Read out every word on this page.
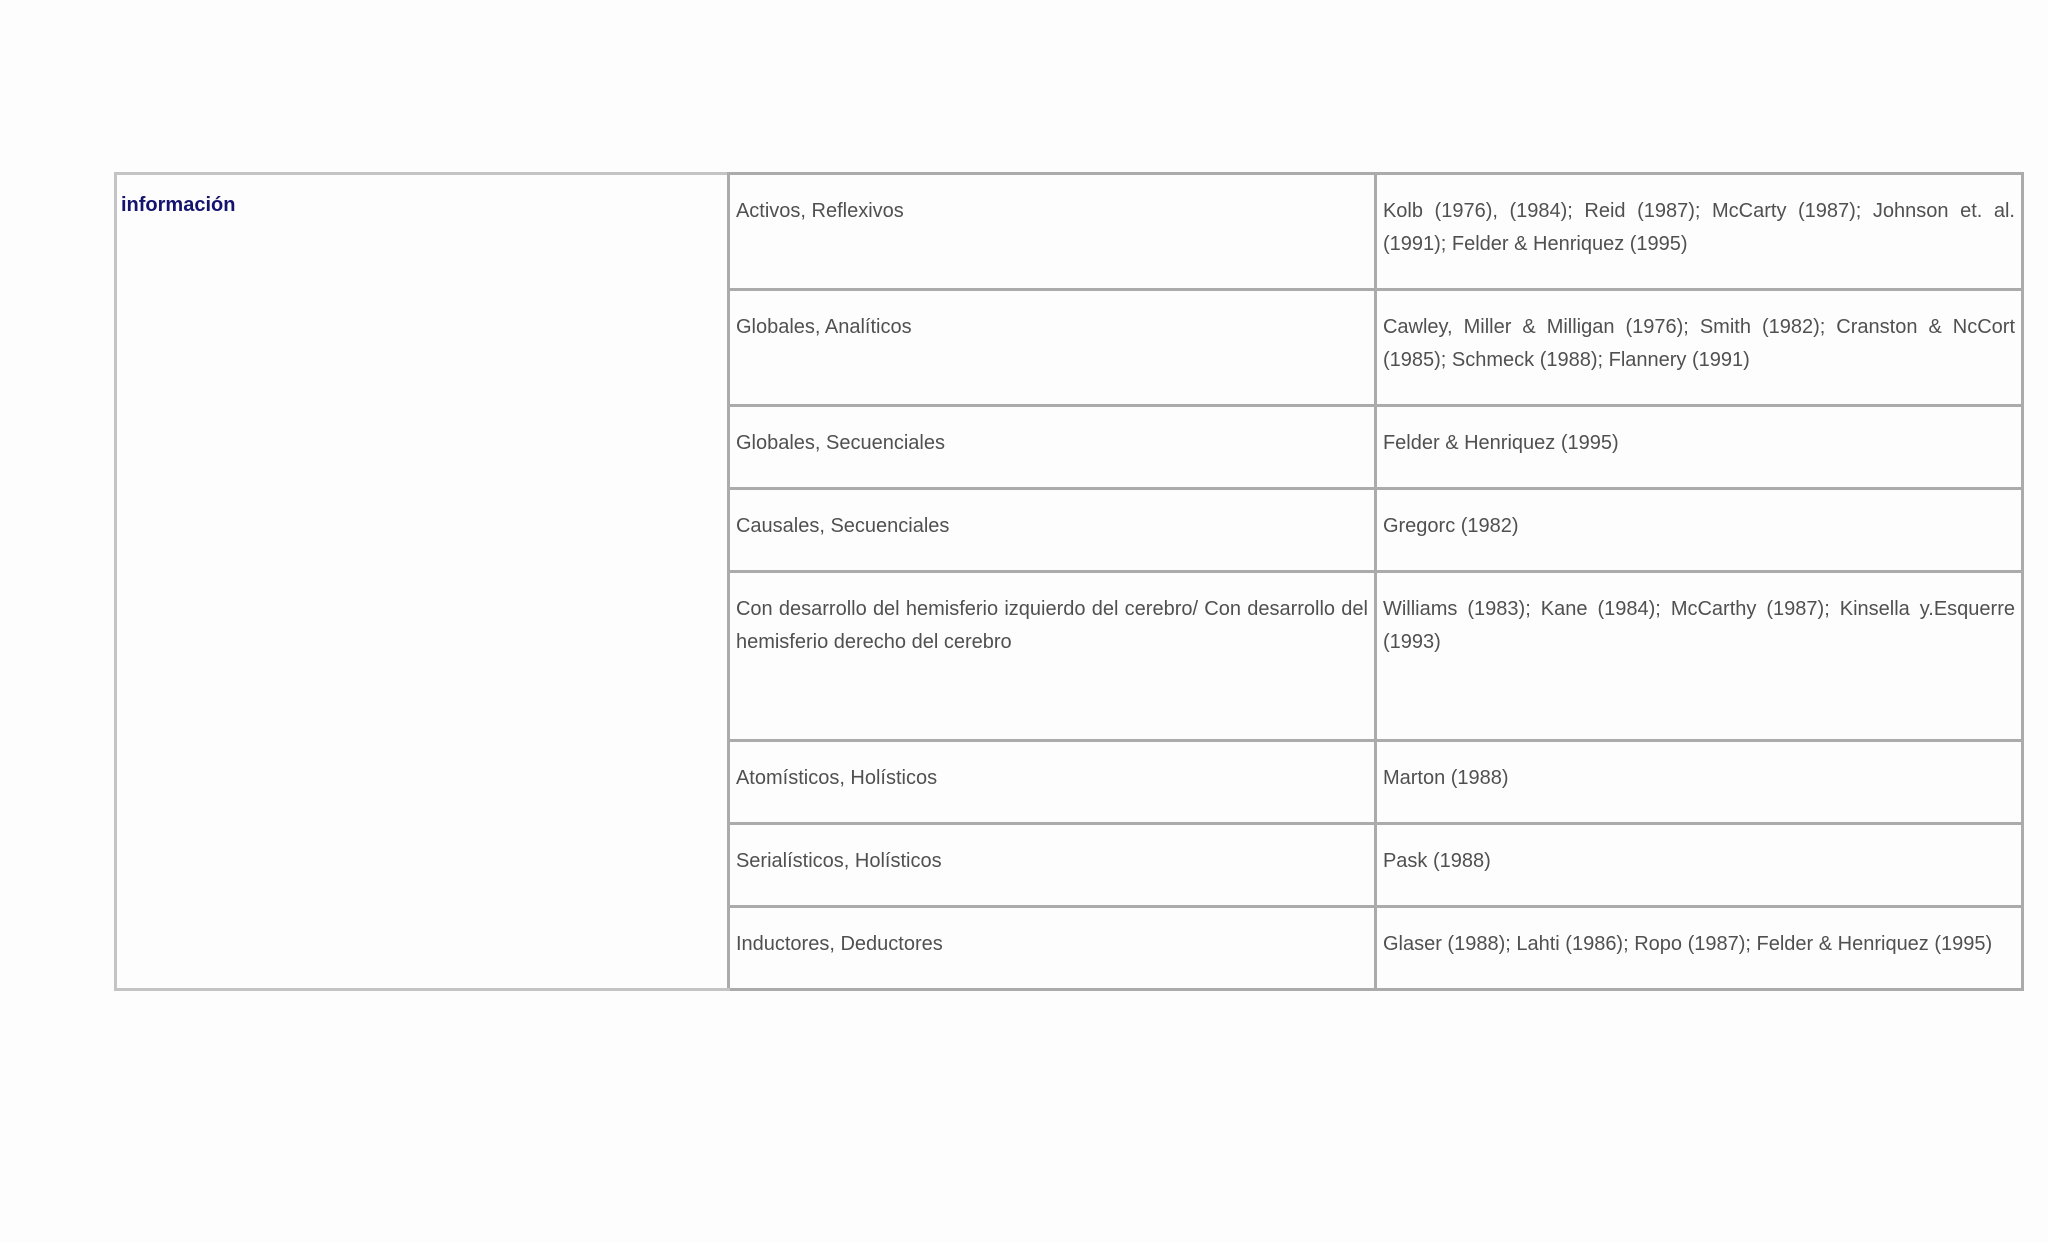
información	Activos, Reflexivos	Kolb (1976), (1984); Reid (1987); McCarty (1987); Johnson et. al. (1991); Felder & Henriquez (1995)
	Globales, Analíticos	Cawley, Miller & Milligan (1976); Smith (1982); Cranston & NcCort (1985); Schmeck (1988); Flannery (1991)
	Globales, Secuenciales	Felder & Henriquez (1995)
	Causales, Secuenciales	Gregorc (1982)
	Con desarrollo del hemisferio izquierdo del cerebro/ Con desarrollo del hemisferio derecho del cerebro	Williams (1983); Kane (1984); McCarthy (1987); Kinsella y.Esquerre (1993)
	Atomísticos, Holísticos	Marton (1988)
	Serialísticos, Holísticos	Pask (1988)
	Inductores, Deductores	Glaser (1988); Lahti (1986); Ropo (1987); Felder & Henriquez (1995)
